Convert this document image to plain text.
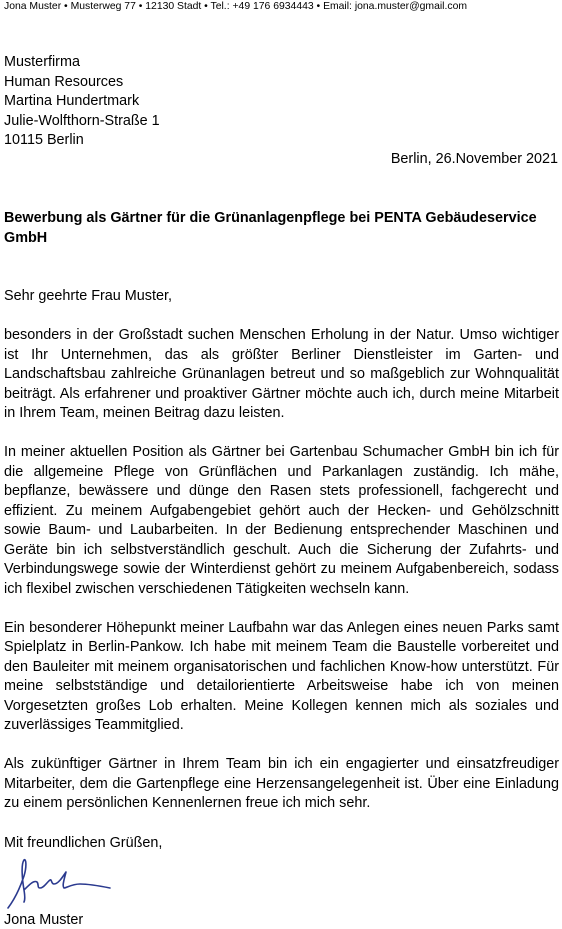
Jona Muster • Musterweg 77 • 12130 Stadt • Tel.: +49 176 6934443 • Email: jona.muster@gmail.com
Musterfirma
Human Resources
Martina Hundertmark
Julie-Wolfthorn-Straße 1
10115 Berlin
Berlin, 26.November 2021
Bewerbung als Gärtner für die Grünanlagenpflege bei PENTA Gebäudeservice GmbH
Sehr geehrte Frau Muster,

besonders in der Großstadt suchen Menschen Erholung in der Natur. Umso wichtiger ist Ihr Unternehmen, das als größter Berliner Dienstleister im Garten- und Landschaftsbau zahlreiche Grünanlagen betreut und so maßgeblich zur Wohnqualität beiträgt. Als erfahrener und proaktiver Gärtner möchte auch ich, durch meine Mitarbeit in Ihrem Team, meinen Beitrag dazu leisten.

In meiner aktuellen Position als Gärtner bei Gartenbau Schumacher GmbH bin ich für die allgemeine Pflege von Grünflächen und Parkanlagen zuständig. Ich mähe, bepflanze, bewässere und dünge den Rasen stets professionell, fachgerecht und effizient. Zu meinem Aufgabengebiet gehört auch der Hecken- und Gehölzschnitt sowie Baum- und Laubarbeiten. In der Bedienung entsprechender Maschinen und Geräte bin ich selbstverständlich geschult. Auch die Sicherung der Zufahrts- und Verbindungswege sowie der Winterdienst gehört zu meinem Aufgabenbereich, sodass ich flexibel zwischen verschiedenen Tätigkeiten wechseln kann.

Ein besonderer Höhepunkt meiner Laufbahn war das Anlegen eines neuen Parks samt Spielplatz in Berlin-Pankow. Ich habe mit meinem Team die Baustelle vorbereitet und den Bauleiter mit meinem organisatorischen und fachlichen Know-how unterstützt. Für meine selbstständige und detailorientierte Arbeitsweise habe ich von meinen Vorgesetzten großes Lob erhalten. Meine Kollegen kennen mich als soziales und zuverlässiges Teammitglied.

Als zukünftiger Gärtner in Ihrem Team bin ich ein engagierter und einsatzfreudiger Mitarbeiter, dem die Gartenpflege eine Herzensangelegenheit ist. Über eine Einladung zu einem persönlichen Kennenlernen freue ich mich sehr.

Mit freundlichen Grüßen,
Jona Muster
